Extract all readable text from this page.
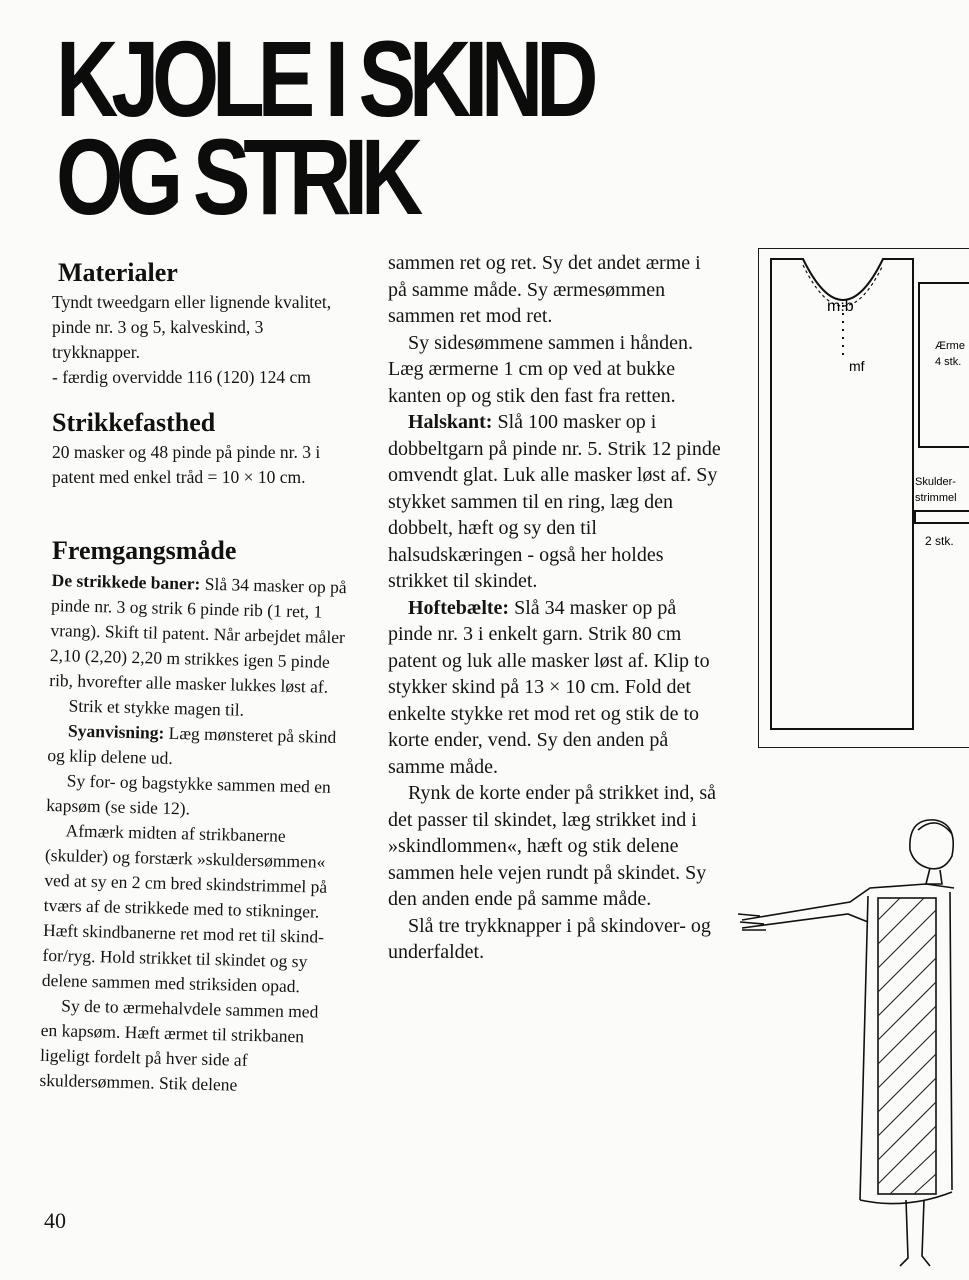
KJOLE I SKIND
OG STRIK
Materialer

Tyndt tweedgarn eller lignende kvalitet, pinde nr. 3 og 5, kalveskind, 3 trykknapper.

- færdig overvidde 116 (120) 124 cm

Strikkefasthed

20 masker og 48 pinde på pinde nr. 3 i patent med enkel tråd = 10 × 10 cm.

Fremgangsmåde

De strikkede baner: Slå 34 masker op på pinde nr. 3 og strik 6 pinde rib (1 ret, 1 vrang). Skift til patent. Når arbejdet måler 2,10 (2,20) 2,20 m strikkes igen 5 pinde rib, hvorefter alle masker lukkes løst af.

Strik et stykke magen til.

Syanvisning: Læg mønsteret på skind og klip delene ud.

Sy for- og bagstykke sammen med en kapsøm (se side 12).

Afmærk midten af strikbanerne (skulder) og forstærk »skuldersømmen« ved at sy en 2 cm bred skindstrimmel på tværs af de strikkede med to stikninger. Hæft skindbanerne ret mod ret til skind-for/ryg. Hold strikket til skindet og sy delene sammen med striksiden opad.

Sy de to ærmehalvdele sammen med en kapsøm. Hæft ærmet til strikbanen ligeligt fordelt på hver side af skuldersømmen. Stik delene

sammen ret og ret. Sy det andet ærme i på samme måde. Sy ærmesømmen sammen ret mod ret.

Sy sidesømmene sammen i hånden. Læg ærmerne 1 cm op ved at bukke kanten op og stik den fast fra retten.

Halskant: Slå 100 masker op i dobbeltgarn på pinde nr. 5. Strik 12 pinde omvendt glat. Luk alle masker løst af. Sy stykket sammen til en ring, læg den dobbelt, hæft og sy den til halsudskæringen - også her holdes strikket til skindet.

Hoftebælte: Slå 34 masker op på pinde nr. 3 i enkelt garn. Strik 80 cm patent og luk alle masker løst af. Klip to stykker skind på 13 × 10 cm. Fold det enkelte stykke ret mod ret og stik de to korte ender, vend. Sy den anden på samme måde.

Rynk de korte ender på strikket ind, så det passer til skindet, læg strikket ind i »skindlommen«, hæft og stik delene sammen hele vejen rundt på skindet. Sy den anden ende på samme måde.

Slå tre trykknapper i på skindover- og underfaldet.

m:b
mf
Ærme
4 stk.
Skulder-
strimmel
2 stk.
40
